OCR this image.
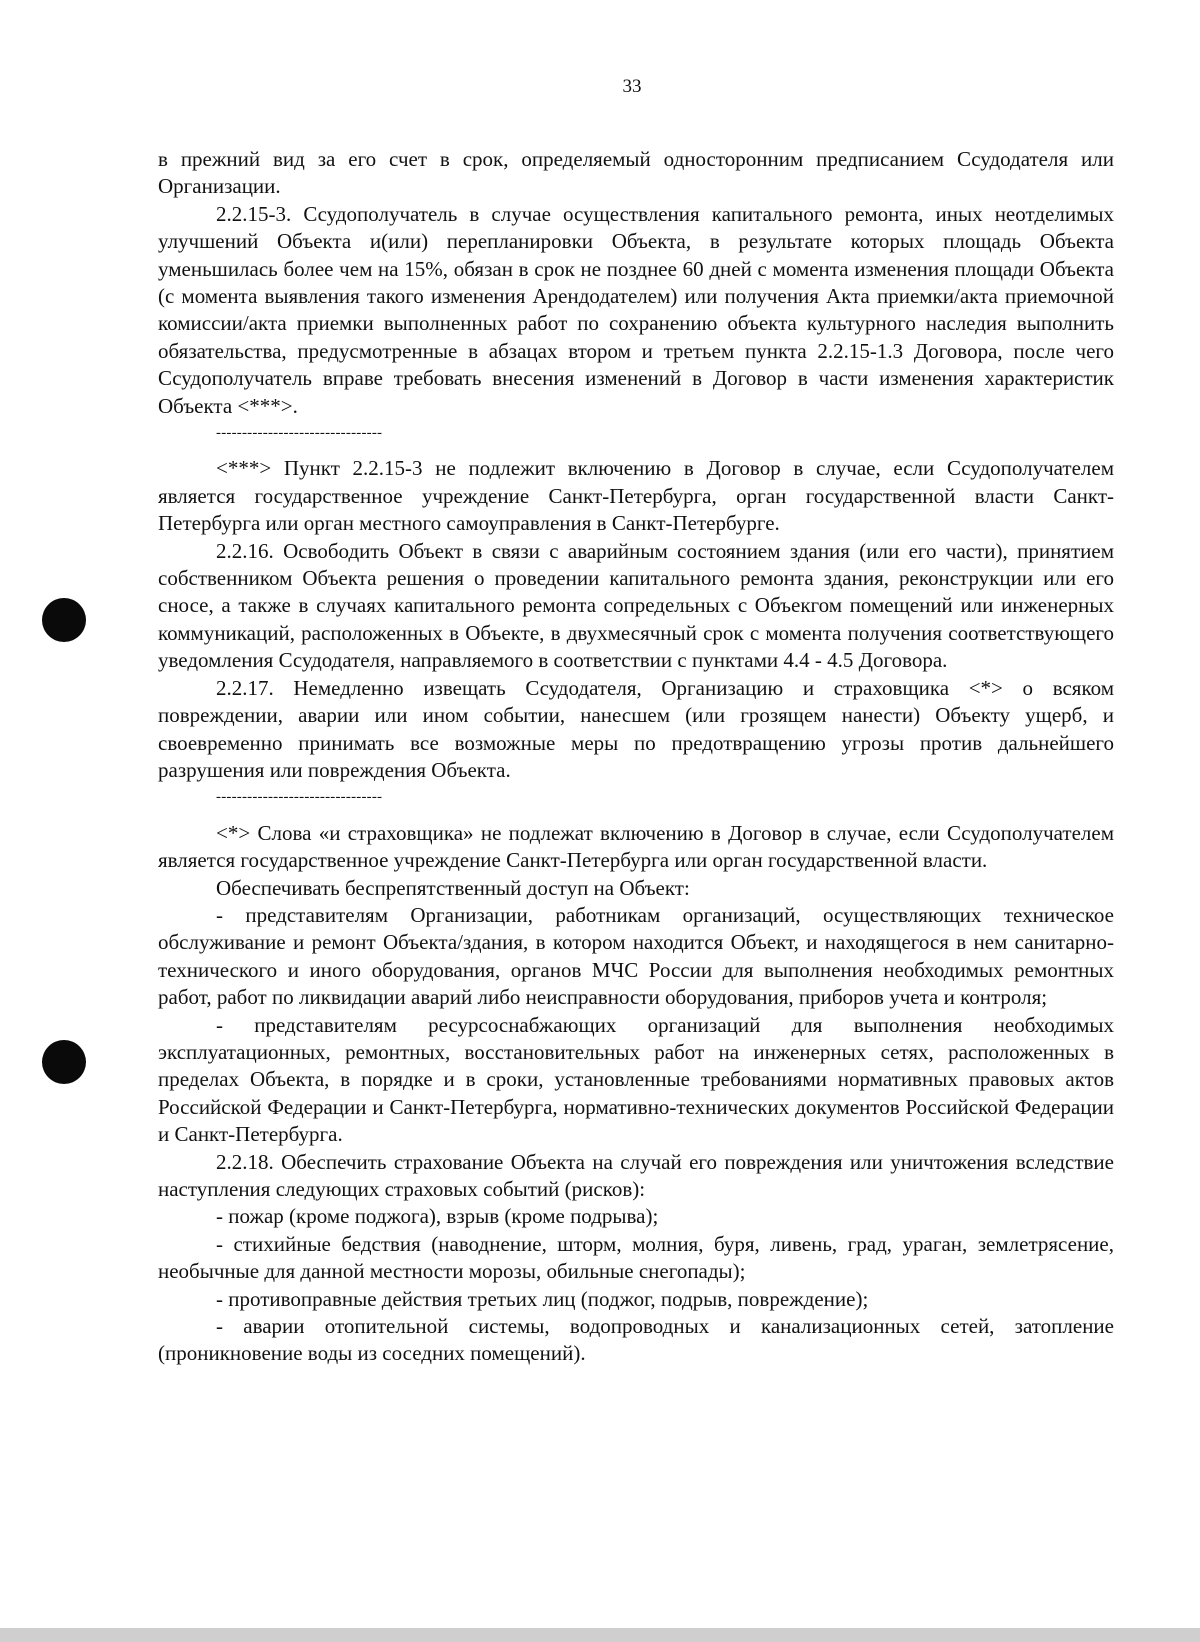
33

в прежний вид за его счет в срок, определяемый односторонним предписанием Ссудодателя или Организации.

2.2.15-3. Ссудополучатель в случае осуществления капитального ремонта, иных неотделимых улучшений Объекта и(или) перепланировки Объекта, в результате которых площадь Объекта уменьшилась более чем на 15%, обязан в срок не позднее 60 дней с момента изменения площади Объекта (с момента выявления такого изменения Арендодателем) или получения Акта приемки/акта приемочной комиссии/акта приемки выполненных работ по сохранению объекта культурного наследия выполнить обязательства, предусмотренные в абзацах втором и третьем пункта 2.2.15-1.3 Договора, после чего Ссудополучатель вправе требовать внесения изменений в Договор в части изменения характеристик Объекта <***>.

--------------------------------

<***> Пункт 2.2.15-3 не подлежит включению в Договор в случае, если Ссудополучателем является государственное учреждение Санкт-Петербурга, орган государственной власти Санкт-Петербурга или орган местного самоуправления в Санкт-Петербурге.

2.2.16. Освободить Объект в связи с аварийным состоянием здания (или его части), принятием собственником Объекта решения о проведении капитального ремонта здания, реконструкции или его сносе, а также в случаях капитального ремонта сопредельных с Объекгом помещений или инженерных коммуникаций, расположенных в Объекте, в двухмесячный срок с момента получения соответствующего уведомления Ссудодателя, направляемого в соответствии с пунктами 4.4 - 4.5 Договора.

2.2.17. Немедленно извещать Ссудодателя, Организацию и страховщика <*> о всяком повреждении, аварии или ином событии, нанесшем (или грозящем нанести) Объекту ущерб, и своевременно принимать все возможные меры по предотвращению угрозы против дальнейшего разрушения или повреждения Объекта.

--------------------------------

<*> Слова «и страховщика» не подлежат включению в Договор в случае, если Ссудополучателем является государственное учреждение Санкт-Петербурга или орган государственной власти.

Обеспечивать беспрепятственный доступ на Объект:

- представителям Организации, работникам организаций, осуществляющих техническое обслуживание и ремонт Объекта/здания, в котором находится Объект, и находящегося в нем санитарно-технического и иного оборудования, органов МЧС России для выполнения необходимых ремонтных работ, работ по ликвидации аварий либо неисправности оборудования, приборов учета и контроля;

- представителям ресурсоснабжающих организаций для выполнения необходимых эксплуатационных, ремонтных, восстановительных работ на инженерных сетях, расположенных в пределах Объекта, в порядке и в сроки, установленные требованиями нормативных правовых актов Российской Федерации и Санкт-Петербурга, нормативно-технических документов Российской Федерации и Санкт-Петербурга.

2.2.18. Обеспечить страхование Объекта на случай его повреждения или уничтожения вследствие наступления следующих страховых событий (рисков):

- пожар (кроме поджога), взрыв (кроме подрыва);

- стихийные бедствия (наводнение, шторм, молния, буря, ливень, град, ураган, землетрясение, необычные для данной местности морозы, обильные снегопады);

- противоправные действия третьих лиц (поджог, подрыв, повреждение);

- аварии отопительной системы, водопроводных и канализационных сетей, затопление (проникновение воды из соседних помещений).
